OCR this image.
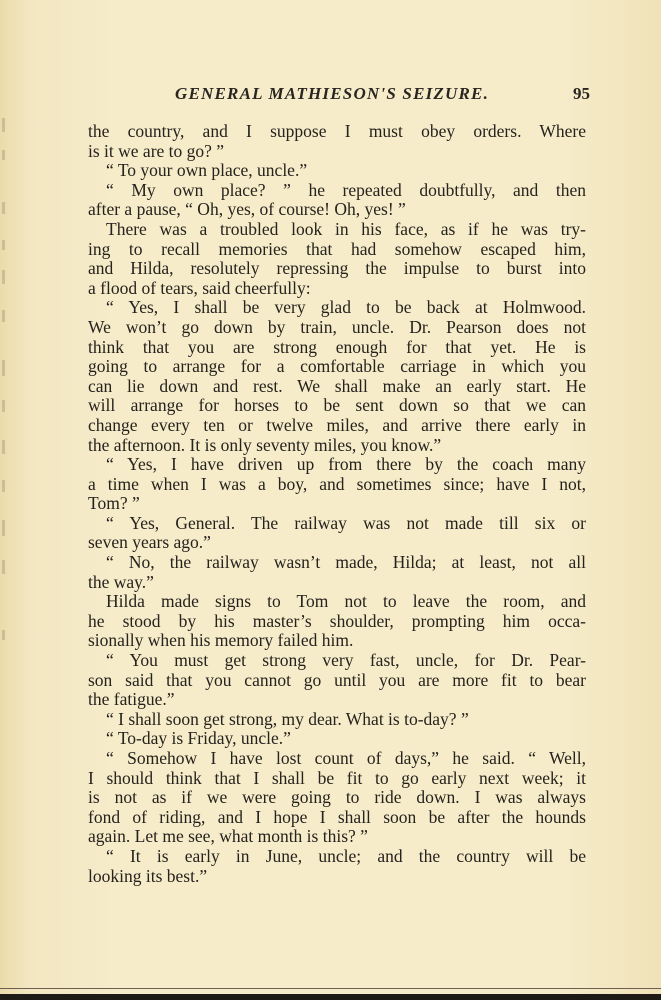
GENERAL MATHIESON'S SEIZURE.	95
the country, and I suppose I must obey orders. Where
is it we are to go? ”
“ To your own place, uncle.”
“ My own place? ” he repeated doubtfully, and then
after a pause, “ Oh, yes, of course! Oh, yes! ”
There was a troubled look in his face, as if he was try-
ing to recall memories that had somehow escaped him,
and Hilda, resolutely repressing the impulse to burst into
a flood of tears, said cheerfully:
“ Yes, I shall be very glad to be back at Holmwood.
We won’t go down by train, uncle. Dr. Pearson does not
think that you are strong enough for that yet. He is
going to arrange for a comfortable carriage in which you
can lie down and rest. We shall make an early start. He
will arrange for horses to be sent down so that we can
change every ten or twelve miles, and arrive there early in
the afternoon. It is only seventy miles, you know.”
“ Yes, I have driven up from there by the coach many
a time when I was a boy, and sometimes since; have I not,
Tom? ”
“ Yes, General. The railway was not made till six or
seven years ago.”
“ No, the railway wasn’t made, Hilda; at least, not all
the way.”
Hilda made signs to Tom not to leave the room, and
he stood by his master’s shoulder, prompting him occa-
sionally when his memory failed him.
“ You must get strong very fast, uncle, for Dr. Pear-
son said that you cannot go until you are more fit to bear
the fatigue.”
“ I shall soon get strong, my dear. What is to-day? ”
“ To-day is Friday, uncle.”
“ Somehow I have lost count of days,” he said. “ Well,
I should think that I shall be fit to go early next week; it
is not as if we were going to ride down. I was always
fond of riding, and I hope I shall soon be after the hounds
again. Let me see, what month is this? ”
“ It is early in June, uncle; and the country will be
looking its best.”
